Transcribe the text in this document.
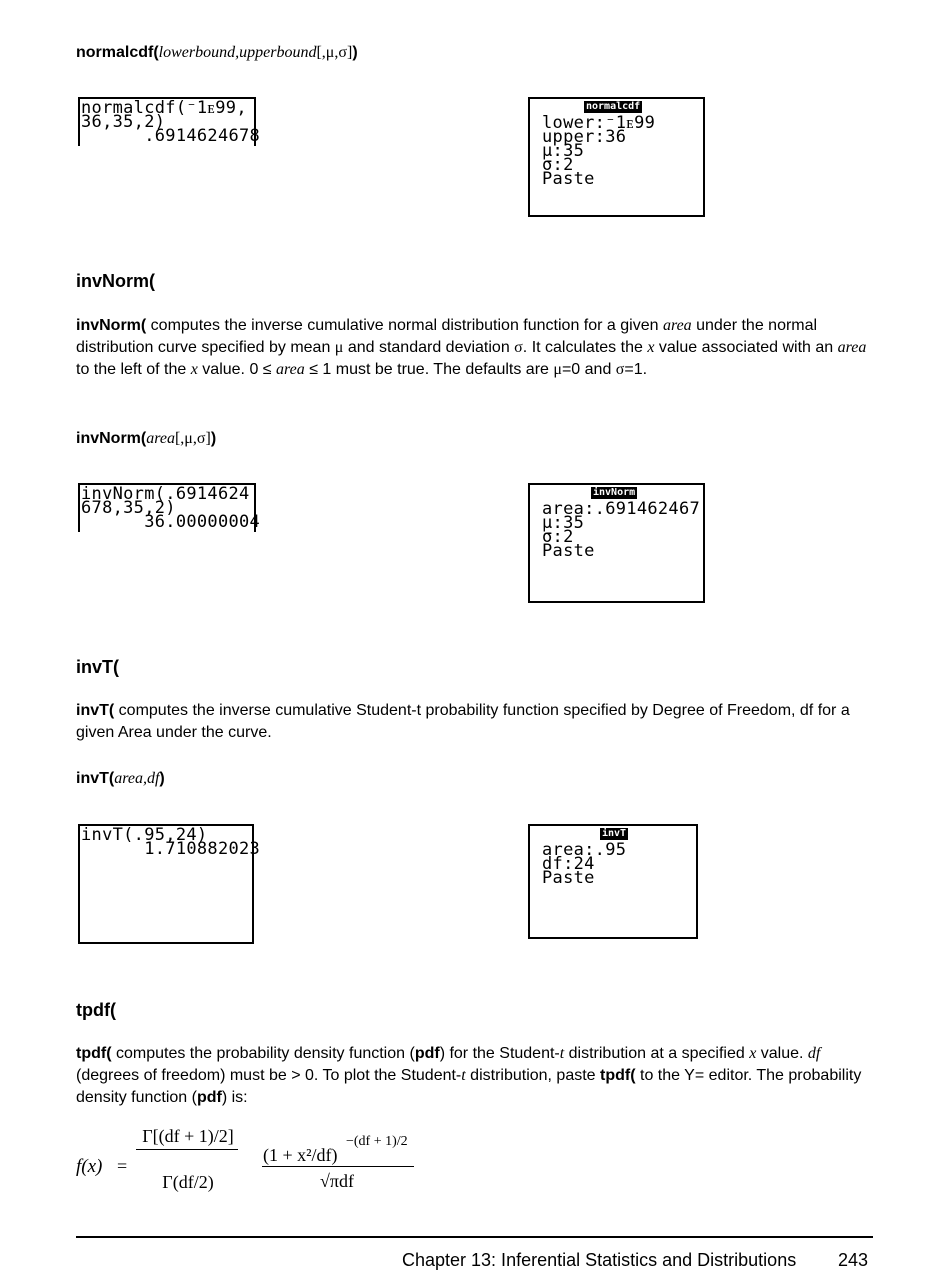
normalcdf(lowerbound,upperbound[,μ,σ])
normalcdf(⁻1ᴇ99,
36,35,2)
.6914624678
normalcdf
lower:⁻1ᴇ99
upper:36
μ:35
σ:2
Paste
invNorm(
invNorm( computes the inverse cumulative normal distribution function for a given area under the normal distribution curve specified by mean μ and standard deviation σ. It calculates the x value associated with an area to the left of the x value. 0 ≤ area ≤ 1 must be true. The defaults are μ=0 and σ=1.
invNorm(area[,μ,σ])
invNorm(.6914624
678,35,2)
36.00000004
invNorm
area:.691462467
μ:35
σ:2
Paste
invT(
invT( computes the inverse cumulative Student-t probability function specified by Degree of Freedom, df for a given Area under the curve.
invT(area,df)
invT(.95,24)
1.710882023
invT
area:.95
df:24
Paste
tpdf(
tpdf( computes the probability density function (pdf) for the Student-t distribution at a specified x value. df (degrees of freedom) must be > 0. To plot the Student-t distribution, paste tpdf( to the Y= editor. The probability density function (pdf) is:
f(x) =
Γ[(df + 1)/2]
Γ(df/2)
(1 + x²/df)
−(df + 1)/2
√πdf
Chapter 13: Inferential Statistics and Distributions 243
